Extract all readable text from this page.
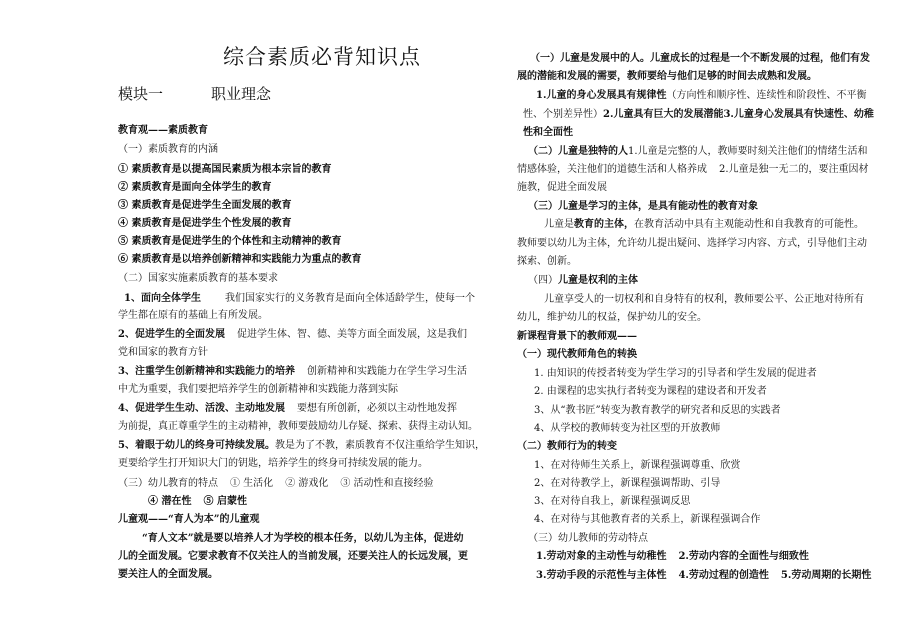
综合素质必背知识点
模块一	职业理念
教育观——素质教育
（一）素质教育的内涵
① 素质教育是以提高国民素质为根本宗旨的教育
② 素质教育是面向全体学生的教育
③ 素质教育是促进学生全面发展的教育
④ 素质教育是促进学生个性发展的教育
⑤ 素质教育是促进学生的个体性和主动精神的教育
⑥ 素质教育是以培养创新精神和实践能力为重点的教育
（二）国家实施素质教育的基本要求
1、面向全体学生 我们国家实行的义务教育是面向全体适龄学生，使每一个
学生都在原有的基础上有所发展。
2、促进学生的全面发展 促进学生体、智、德、美等方面全面发展，这是我们
党和国家的教育方针
3、注重学生创新精神和实践能力的培养 创新精神和实践能力在学生学习生活
中尤为重要，我们要把培养学生的创新精神和实践能力落到实际
4、促进学生生动、活泼、主动地发展 要想有所创新，必须以主动性地发挥
为前提，真正尊重学生的主动精神，教师要鼓励幼儿存疑、探索、获得主动认知。
5、着眼于幼儿的终身可持续发展。教是为了不教，素质教育不仅注重给学生知识，
更要给学生打开知识大门的钥匙，培养学生的终身可持续发展的能力。
（三）幼儿教育的特点 ① 生活化 ② 游戏化 ③ 活动性和直接经验
④ 潜在性 ⑤ 启蒙性
儿童观——“育人为本”的儿童观
“育人文本”就是要以培养人才为学校的根本任务，以幼儿为主体，促进幼
儿的全面发展。它要求教育不仅关注人的当前发展，还要关注人的长远发展，更
要关注人的全面发展。
（一）儿童是发展中的人。儿童成长的过程是一个不断发展的过程，他们有发
展的潜能和发展的需要，教师要给与他们足够的时间去成熟和发展。
1.儿童的身心发展具有规律性（方向性和顺序性、连续性和阶段性、不平衡
性、个别差异性）2.儿童具有巨大的发展潜能3.儿童身心发展具有快速性、幼稚
性和全面性
（二）儿童是独特的人1.儿童是完整的人，教师要时刻关注他们的情绪生活和
情感体验，关注他们的道德生活和人格养成 2.儿童是独一无二的，要注重因材
施教，促进全面发展
（三）儿童是学习的主体，是具有能动性的教育对象
儿童是教育的主体，在教育活动中具有主观能动性和自我教育的可能性。
教师要以幼儿为主体，允许幼儿提出疑问、选择学习内容、方式，引导他们主动
探索、创新。
（四）儿童是权利的主体
儿童享受人的一切权利和自身特有的权利，教师要公平、公正地对待所有
幼儿，维护幼儿的权益，保护幼儿的安全。
新课程背景下的教师观——
（一）现代教师角色的转换
1. 由知识的传授者转变为学生学习的引导者和学生发展的促进者
2. 由课程的忠实执行者转变为课程的建设者和开发者
3、从“教书匠”转变为教育教学的研究者和反思的实践者
4、从学校的教师转变为社区型的开放教师
（二）教师行为的转变
1、在对待师生关系上，新课程强调尊重、欣赏
2、在对待教学上，新课程强调帮助、引导
3、在对待自我上，新课程强调反思
4、在对待与其他教育者的关系上，新课程强调合作
（三）幼儿教师的劳动特点
1.劳动对象的主动性与幼稚性 2.劳动内容的全面性与细致性
3.劳动手段的示范性与主体性 4.劳动过程的创造性 5.劳动周期的长期性
